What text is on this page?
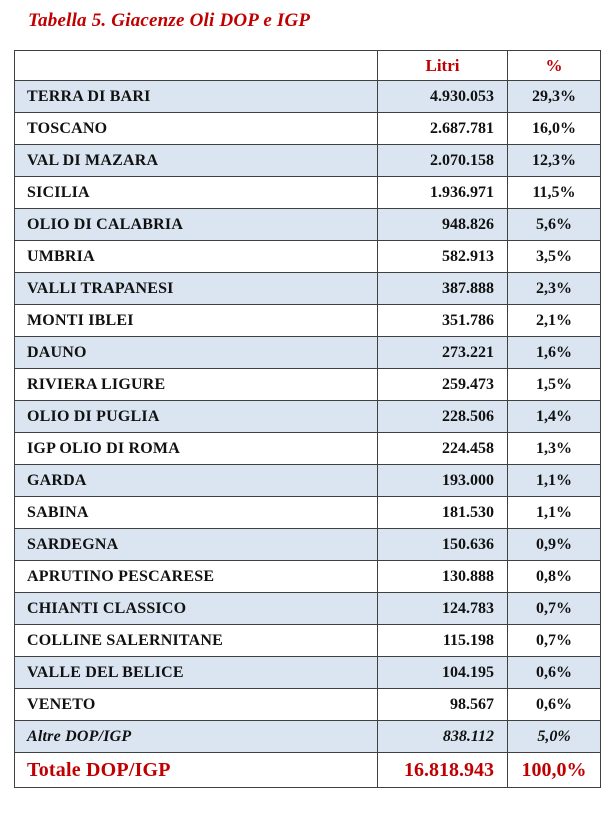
Tabella 5. Giacenze Oli DOP e IGP
	Litri	%
TERRA DI BARI	4.930.053	29,3%
TOSCANO	2.687.781	16,0%
VAL DI MAZARA	2.070.158	12,3%
SICILIA	1.936.971	11,5%
OLIO DI CALABRIA	948.826	5,6%
UMBRIA	582.913	3,5%
VALLI TRAPANESI	387.888	2,3%
MONTI IBLEI	351.786	2,1%
DAUNO	273.221	1,6%
RIVIERA LIGURE	259.473	1,5%
OLIO DI PUGLIA	228.506	1,4%
IGP OLIO DI ROMA	224.458	1,3%
GARDA	193.000	1,1%
SABINA	181.530	1,1%
SARDEGNA	150.636	0,9%
APRUTINO PESCARESE	130.888	0,8%
CHIANTI CLASSICO	124.783	0,7%
COLLINE SALERNITANE	115.198	0,7%
VALLE DEL BELICE	104.195	0,6%
VENETO	98.567	0,6%
Altre DOP/IGP	838.112	5,0%
Totale DOP/IGP	16.818.943	100,0%
